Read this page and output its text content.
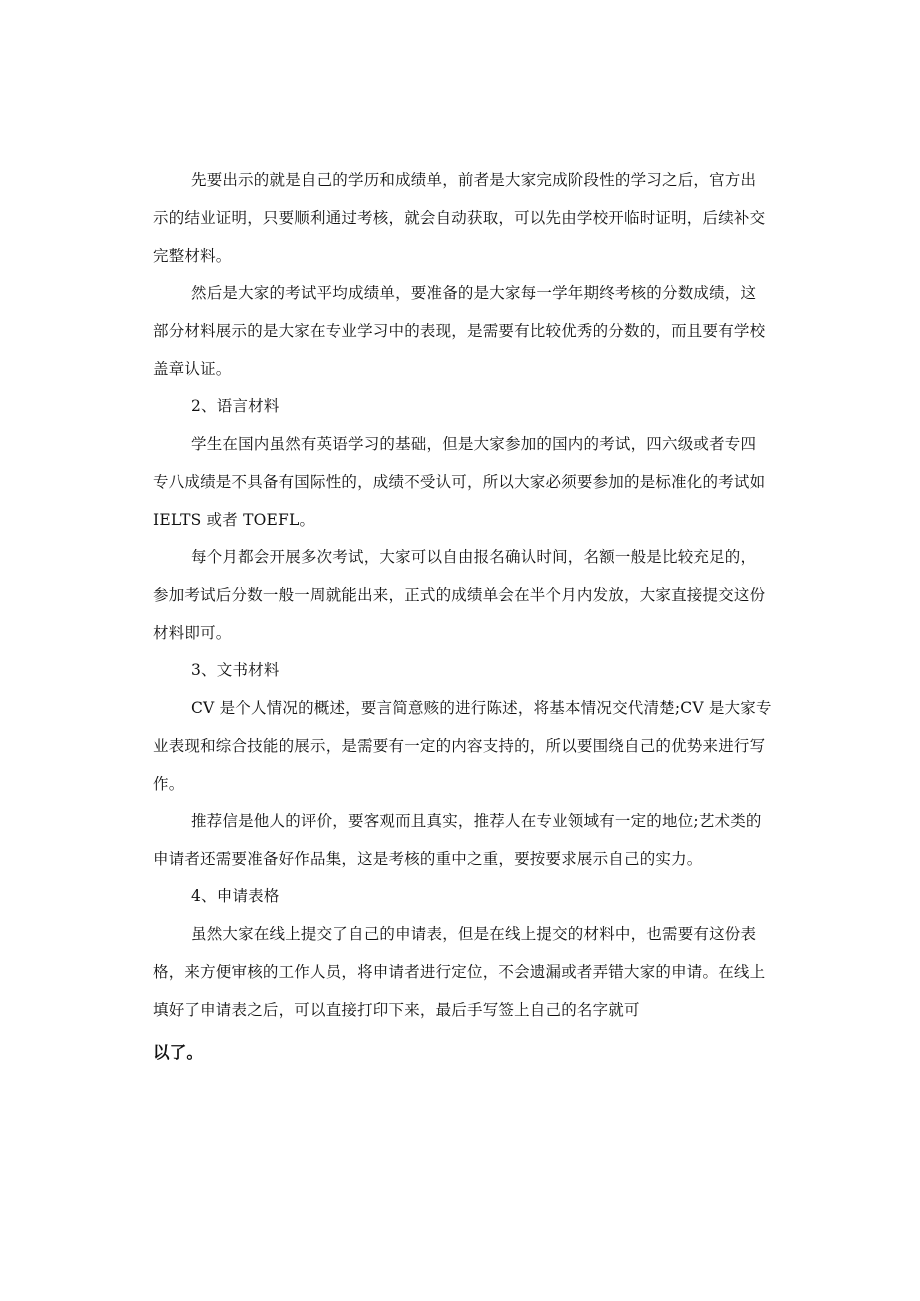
先要出示的就是自己的学历和成绩单，前者是大家完成阶段性的学习之后，官方出
示的结业证明，只要顺利通过考核，就会自动获取，可以先由学校开临时证明，后续补交
完整材料。
然后是大家的考试平均成绩单，要准备的是大家每一学年期终考核的分数成绩，这
部分材料展示的是大家在专业学习中的表现，是需要有比较优秀的分数的，而且要有学校
盖章认证。
2、语言材料
学生在国内虽然有英语学习的基础，但是大家参加的国内的考试，四六级或者专四
专八成绩是不具备有国际性的，成绩不受认可，所以大家必须要参加的是标准化的考试如
IELTS 或者 TOEFL。
每个月都会开展多次考试，大家可以自由报名确认时间，名额一般是比较充足的，
参加考试后分数一般一周就能出来，正式的成绩单会在半个月内发放，大家直接提交这份
材料即可。
3、文书材料
CV 是个人情况的概述，要言简意赅的进行陈述，将基本情况交代清楚;CV 是大家专
业表现和综合技能的展示，是需要有一定的内容支持的，所以要围绕自己的优势来进行写
作。
推荐信是他人的评价，要客观而且真实，推荐人在专业领域有一定的地位;艺术类的
申请者还需要准备好作品集，这是考核的重中之重，要按要求展示自己的实力。
4、申请表格
虽然大家在线上提交了自己的申请表，但是在线上提交的材料中，也需要有这份表
格，来方便审核的工作人员，将申请者进行定位，不会遗漏或者弄错大家的申请。在线上
填好了申请表之后，可以直接打印下来，最后手写签上自己的名字就可
以了。
